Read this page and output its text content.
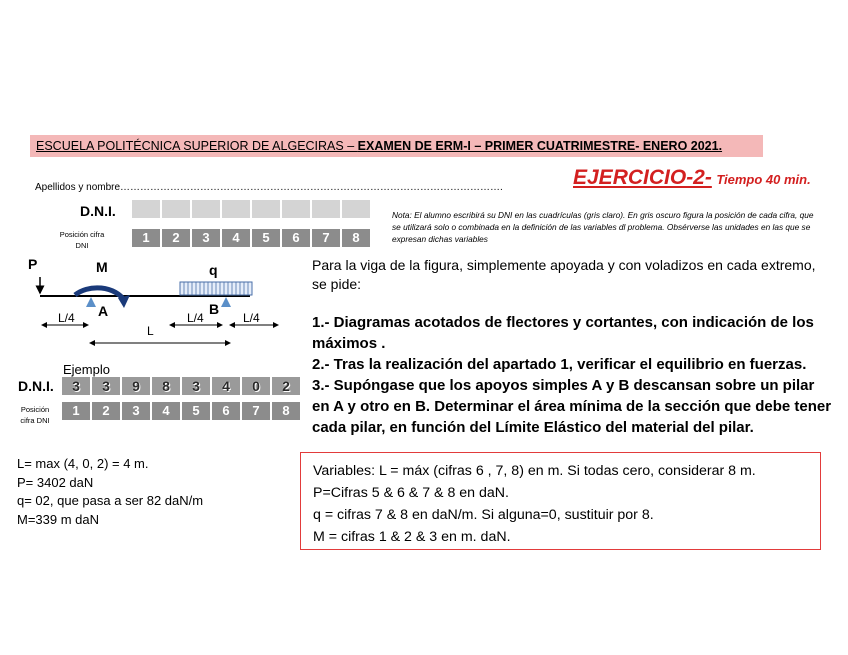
ESCUELA POLITÉCNICA SUPERIOR DE ALGECIRAS – EXAMEN DE ERM-I – PRIMER CUATRIMESTRE- ENERO 2021.
EJERCICIO-2- Tiempo 40 min.
Apellidos y nombre…………………………………………………………………………………………………….
D.N.I.
Posición cifra DNI
1	2	3	4	5	6	7	8
Nota: El alumno escribirá su DNI en las cuadrículas (gris claro). En gris oscuro figura la posición de cada cifra, que se utilizará solo o combinada en la definición de las variables dl problema. Obsérverse las unidades en las que se expresan dichas variables
P	M	q
A	B
L/4	L/4	L/4
L
Para la viga de la figura, simplemente apoyada y con voladizos en cada extremo, se pide:

1.- Diagramas acotados de flectores y cortantes, con indicación de los máximos .

2.- Tras la realización del apartado 1, verificar el equilibrio en fuerzas.

3.- Supóngase que los apoyos simples A y B descansan sobre un pilar en A y otro en B. Determinar el área mínima de la sección que debe tener cada pilar, en función del Límite Elástico del material del pilar.

Ejemplo
D.N.I.	3	3	9	8	3	4	0	2
Posición cifra DNI
1	2	3	4	5	6	7	8
L= max (4, 0, 2) = 4 m.
P= 3402 daN
q= 02, que pasa a ser 82 daN/m
M=339 m daN
Variables: L = máx (cifras 6 , 7, 8) en m. Si todas cero, considerar 8 m.
P=Cifras 5 & 6 & 7 & 8 en daN.
q = cifras 7 & 8 en daN/m. Si alguna=0, sustituir por 8.
M = cifras 1 & 2 & 3 en m. daN.
